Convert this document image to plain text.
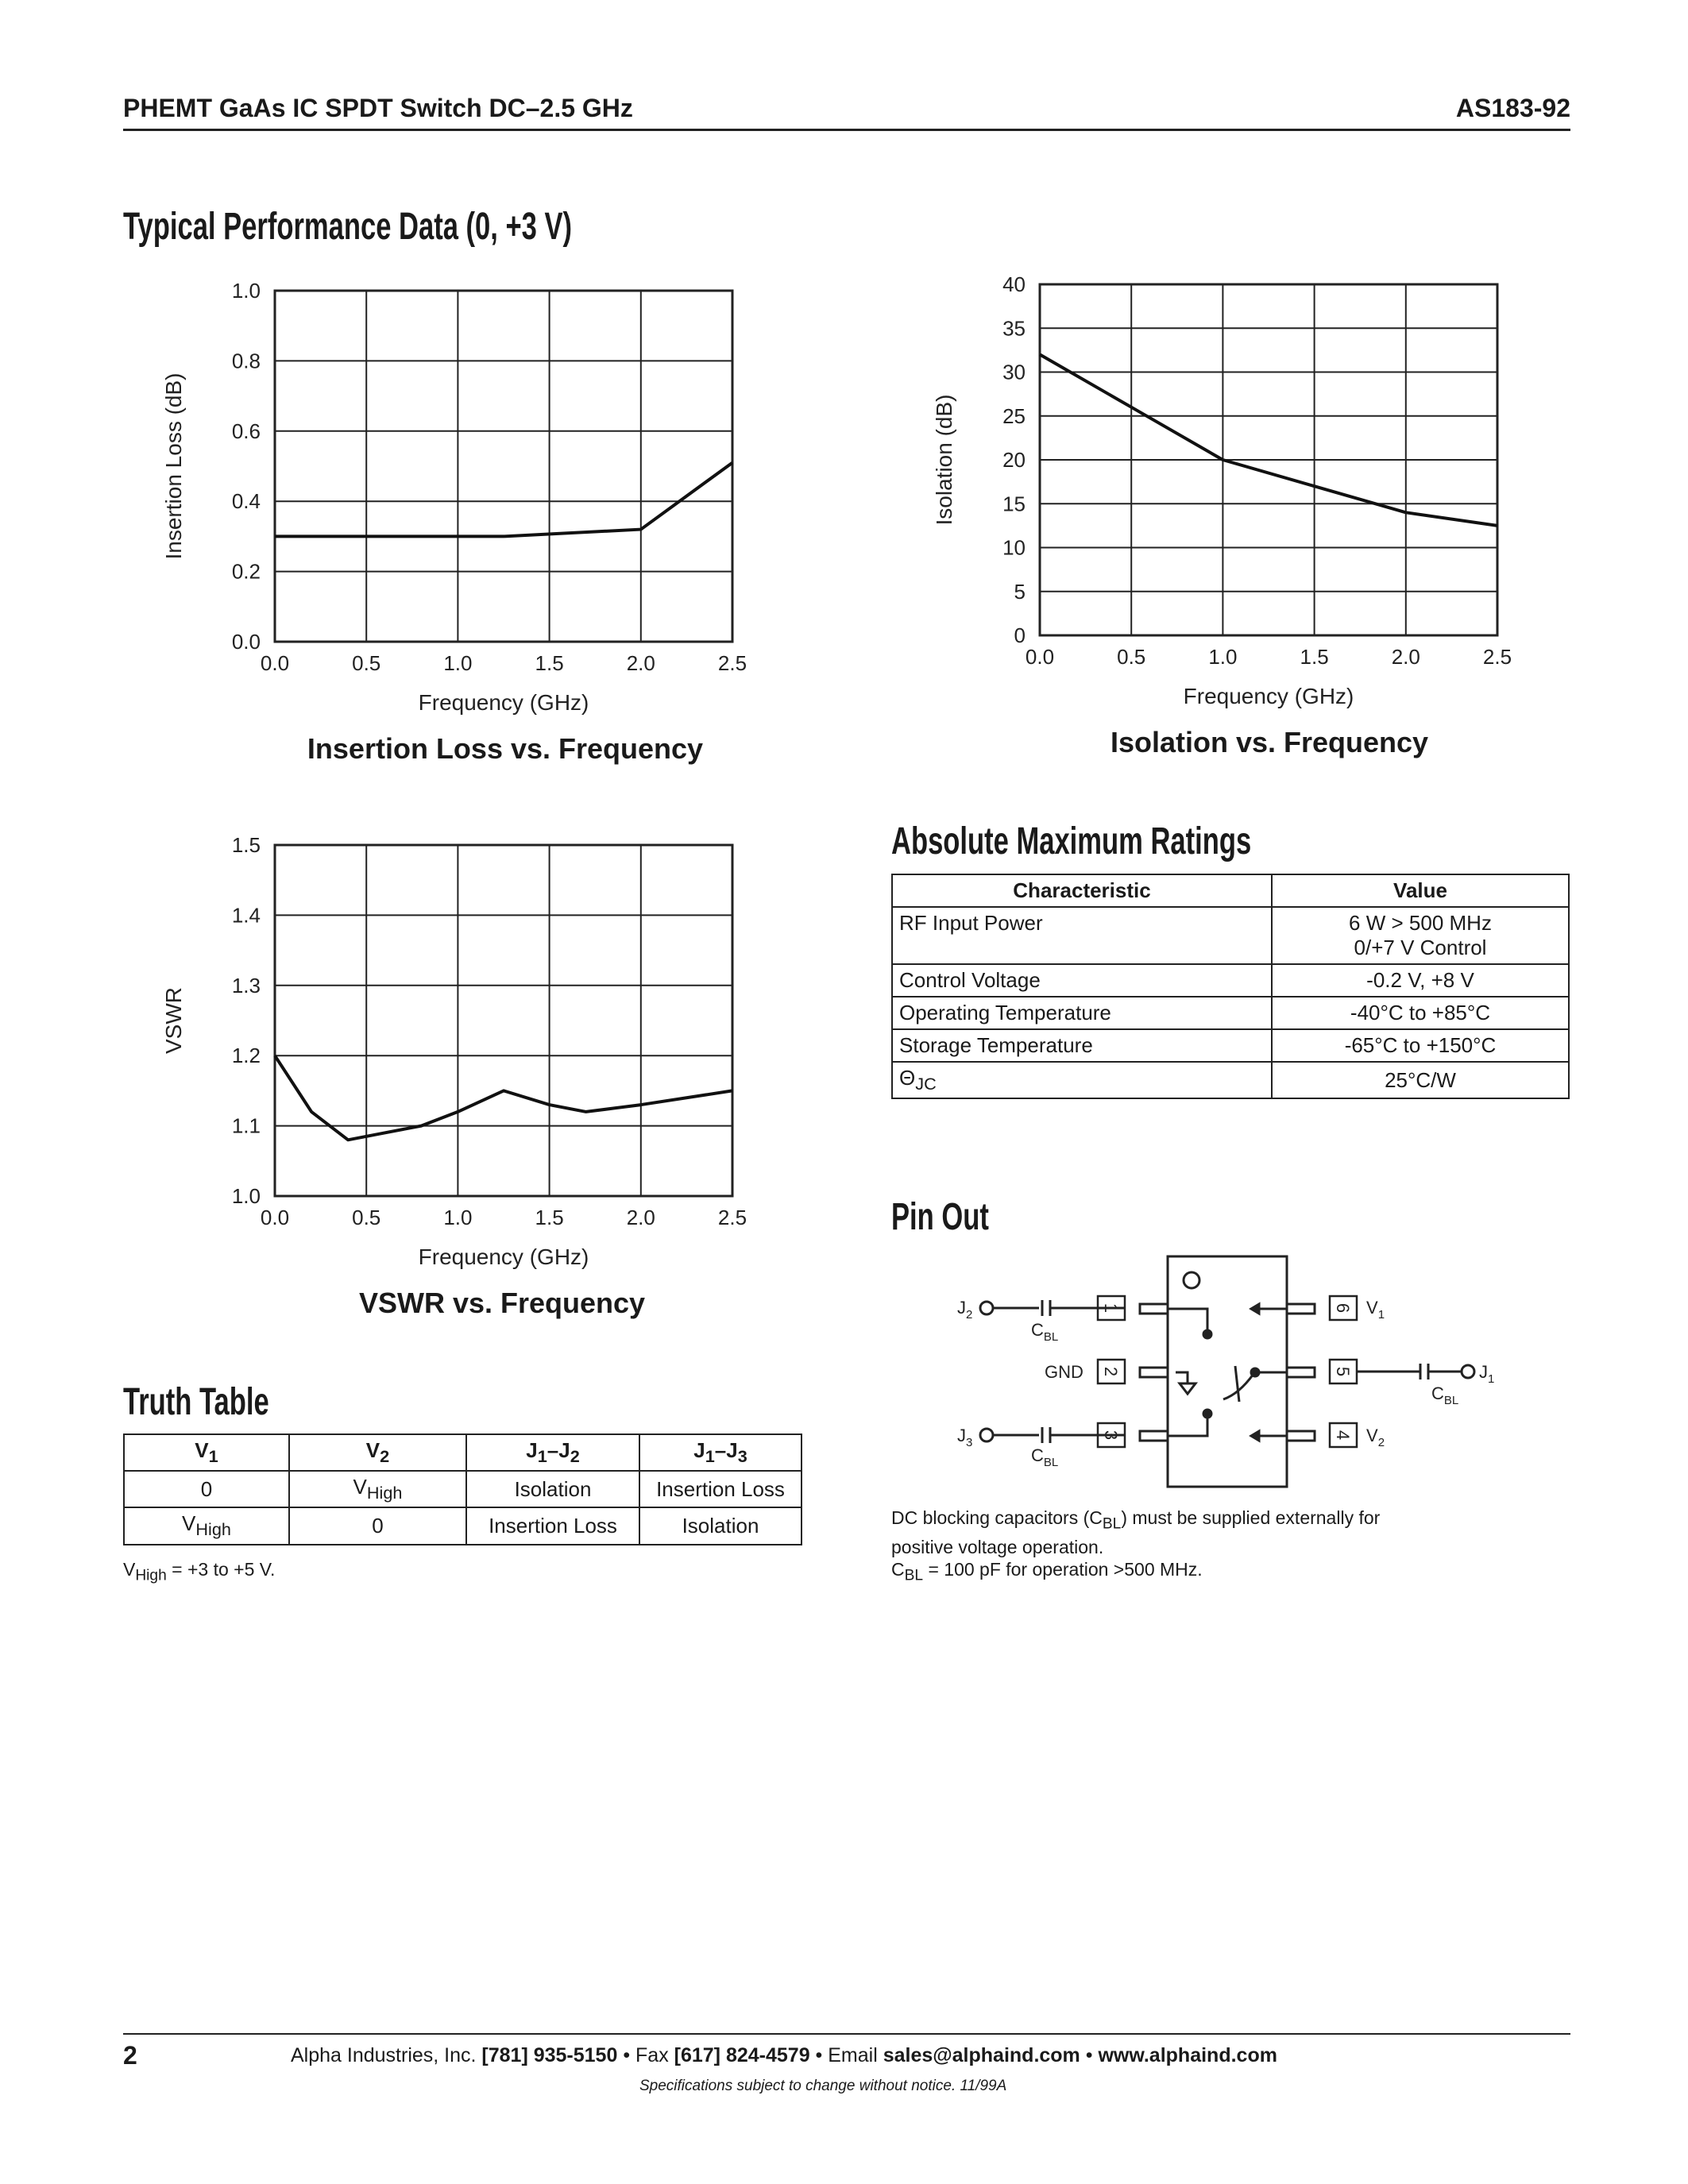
PHEMT GaAs IC SPDT Switch DC–2.5 GHz	AS183-92
Typical Performance Data (0, +3 V)
0.0	0.5	1.0	1.5	2.0	2.5
0.0
0.2
0.4
0.6
0.8
1.0
Frequency (GHz)
Insertion Loss (dB)
Insertion Loss vs. Frequency
0.0	0.5	1.0	1.5	2.0	2.5
0
5
10
15
20
25
30
35
40
Frequency (GHz)
Isolation (dB)
Isolation vs. Frequency
0.0	0.5	1.0	1.5	2.0	2.5
1.0
1.1
1.2
1.3
1.4
1.5
Frequency (GHz)
VSWR
VSWR vs. Frequency
Absolute Maximum Ratings
Characteristic	Value
RF Input Power	6 W > 500 MHz
0/+7 V Control

Control Voltage	-0.2 V, +8 V
Operating Temperature	-40°C to +85°C
Storage Temperature	-65°C to +150°C
$\Theta_{JC}$	25°C/W
Pin Out
1
2
3
6
5
4
$J_2$
$C_{BL}$
GND
$J_3$
$C_{BL}$
$V_1$
$V_2$
$J_1$
$C_{BL}$
DC blocking capacitors $(C_{BL})$ must be supplied externally for
positive voltage operation.
$C_{BL} = 100$ pF for operation >500 MHz.
Truth Table
$V_1$	$V_2$	$J_1-J_2$	$J_1-J_3$
0	$V_{High}$	Isolation	Insertion Loss
$V_{High}$	0	Insertion Loss	Isolation
$V_{High} = +3$ to +5 V.
2	Alpha Industries, Inc. [781] 935-5150 • Fax [617] 824-4579 • Email sales@alphaind.com • www.alphaind.com
Specifications subject to change without notice. 11/99A
